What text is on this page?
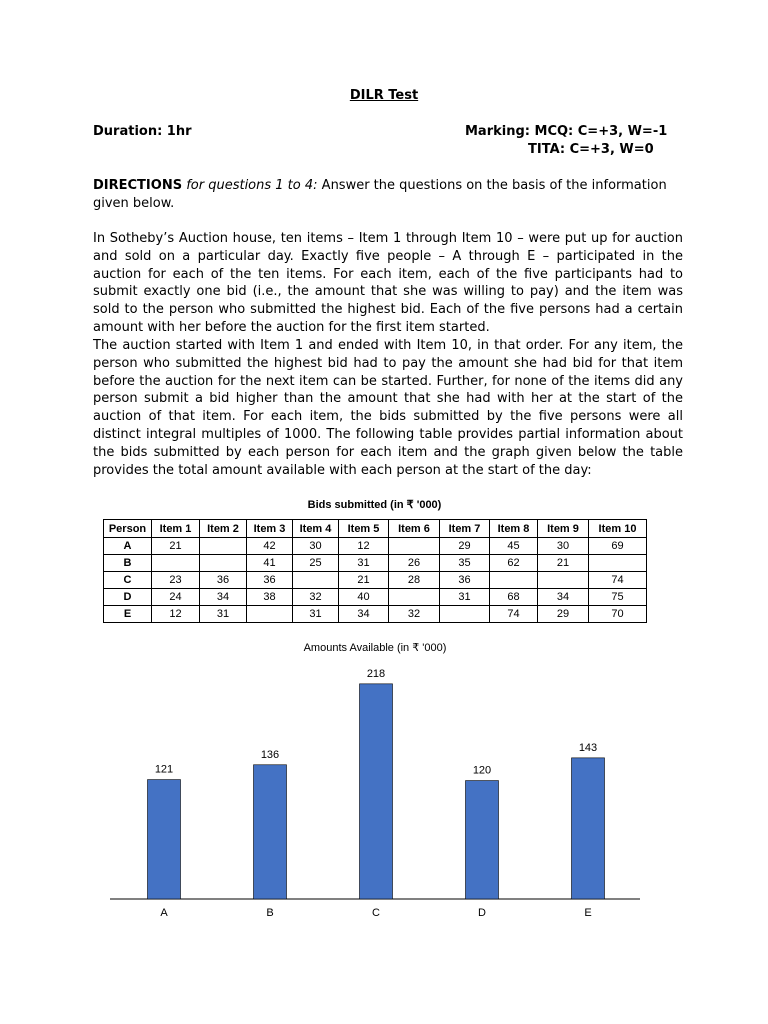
DILR Test
Duration: 1hr	Marking: MCQ: C=+3, W=-1
TITA: C=+3, W=0
DIRECTIONS for questions 1 to 4: Answer the questions on the basis of the information given below.
In Sotheby’s Auction house, ten items – Item 1 through Item 10 – were put up for auction and sold on a particular day. Exactly five people – A through E – participated in the auction for each of the ten items. For each item, each of the five participants had to submit exactly one bid (i.e., the amount that she was willing to pay) and the item was sold to the person who submitted the highest bid. Each of the five persons had a certain amount with her before the auction for the first item started.
The auction started with Item 1 and ended with Item 10, in that order. For any item, the person who submitted the highest bid had to pay the amount she had bid for that item before the auction for the next item can be started. Further, for none of the items did any person submit a bid higher than the amount that she had with her at the start of the auction of that item. For each item, the bids submitted by the five persons were all distinct integral multiples of 1000. The following table provides partial information about the bids submitted by each person for each item and the graph given below the table provides the total amount available with each person at the start of the day:
Bids submitted (in ₹ '000)
Person	Item 1	Item 2	Item 3	Item 4	Item 5	Item 6	Item 7	Item 8	Item 9	Item 10
A	21		42	30	12		29	45	30	69
B			41	25	31	26	35	62	21	
C	23	36	36		21	28	36			74
D	24	34	38	32	40		31	68	34	75
E	12	31		31	34	32		74	29	70
Amounts Available (in ₹ '000)
121
A
136
B
218
C
120
D
143
E
